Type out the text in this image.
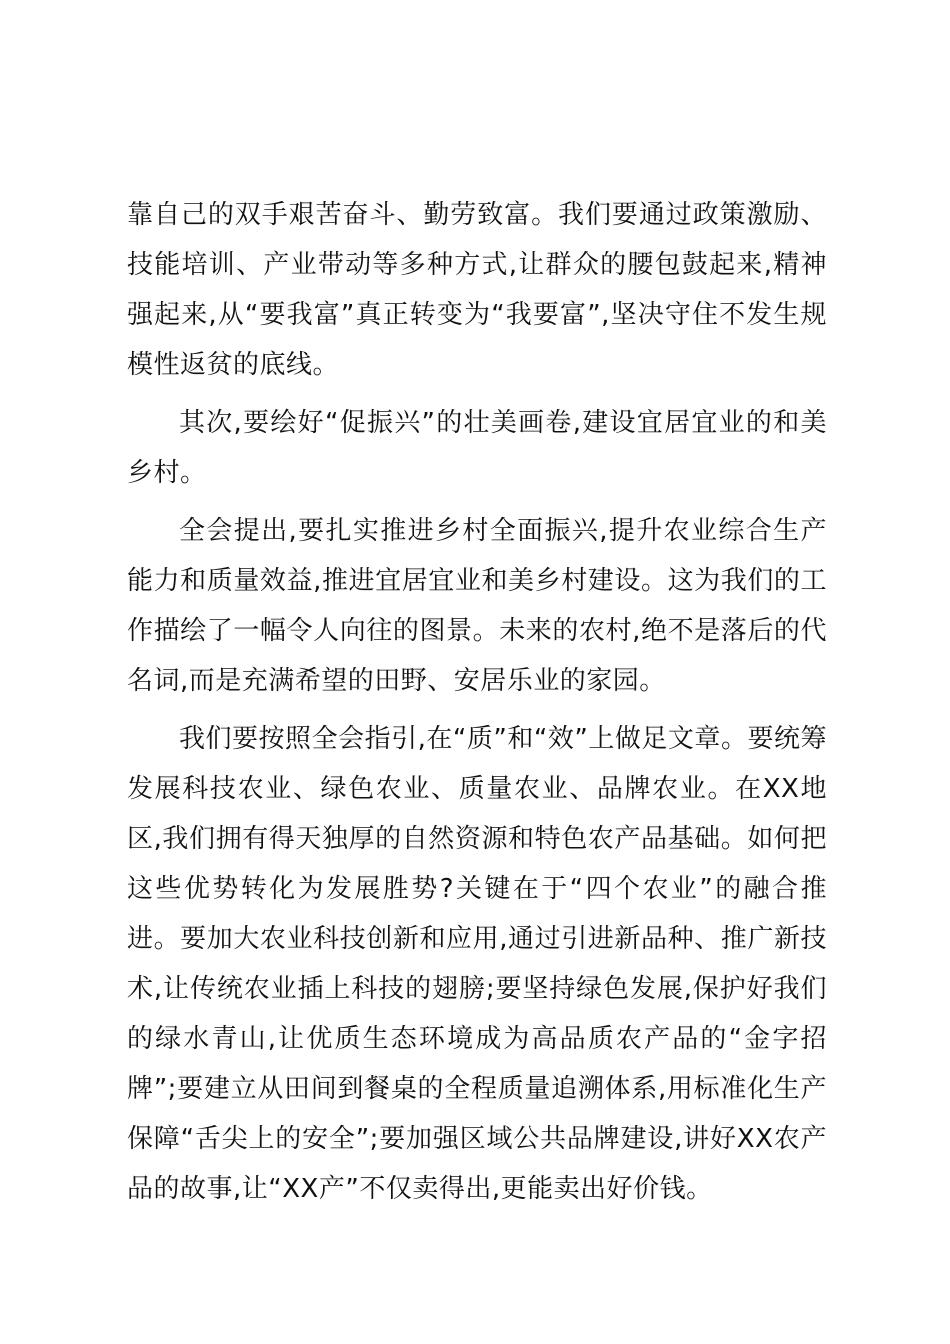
靠自己的双手艰苦奋斗、勤劳致富。我们要通过政策激励、技能培训、产业带动等多种方式,让群众的腰包鼓起来,精神强起来,从“要我富”真正转变为“我要富”,坚决守住不发生规模性返贫的底线。

其次,要绘好“促振兴”的壮美画卷,建设宜居宜业的和美乡村。

全会提出,要扎实推进乡村全面振兴,提升农业综合生产能力和质量效益,推进宜居宜业和美乡村建设。这为我们的工作描绘了一幅令人向往的图景。未来的农村,绝不是落后的代名词,而是充满希望的田野、安居乐业的家园。

我们要按照全会指引,在“质”和“效”上做足文章。要统筹发展科技农业、绿色农业、质量农业、品牌农业。在XX地区,我们拥有得天独厚的自然资源和特色农产品基础。如何把这些优势转化为发展胜势?关键在于“四个农业”的融合推进。要加大农业科技创新和应用,通过引进新品种、推广新技术,让传统农业插上科技的翅膀;要坚持绿色发展,保护好我们的绿水青山,让优质生态环境成为高品质农产品的“金字招牌”;要建立从田间到餐桌的全程质量追溯体系,用标准化生产保障“舌尖上的安全”;要加强区域公共品牌建设,讲好XX农产品的故事,让“XX产”不仅卖得出,更能卖出好价钱。
